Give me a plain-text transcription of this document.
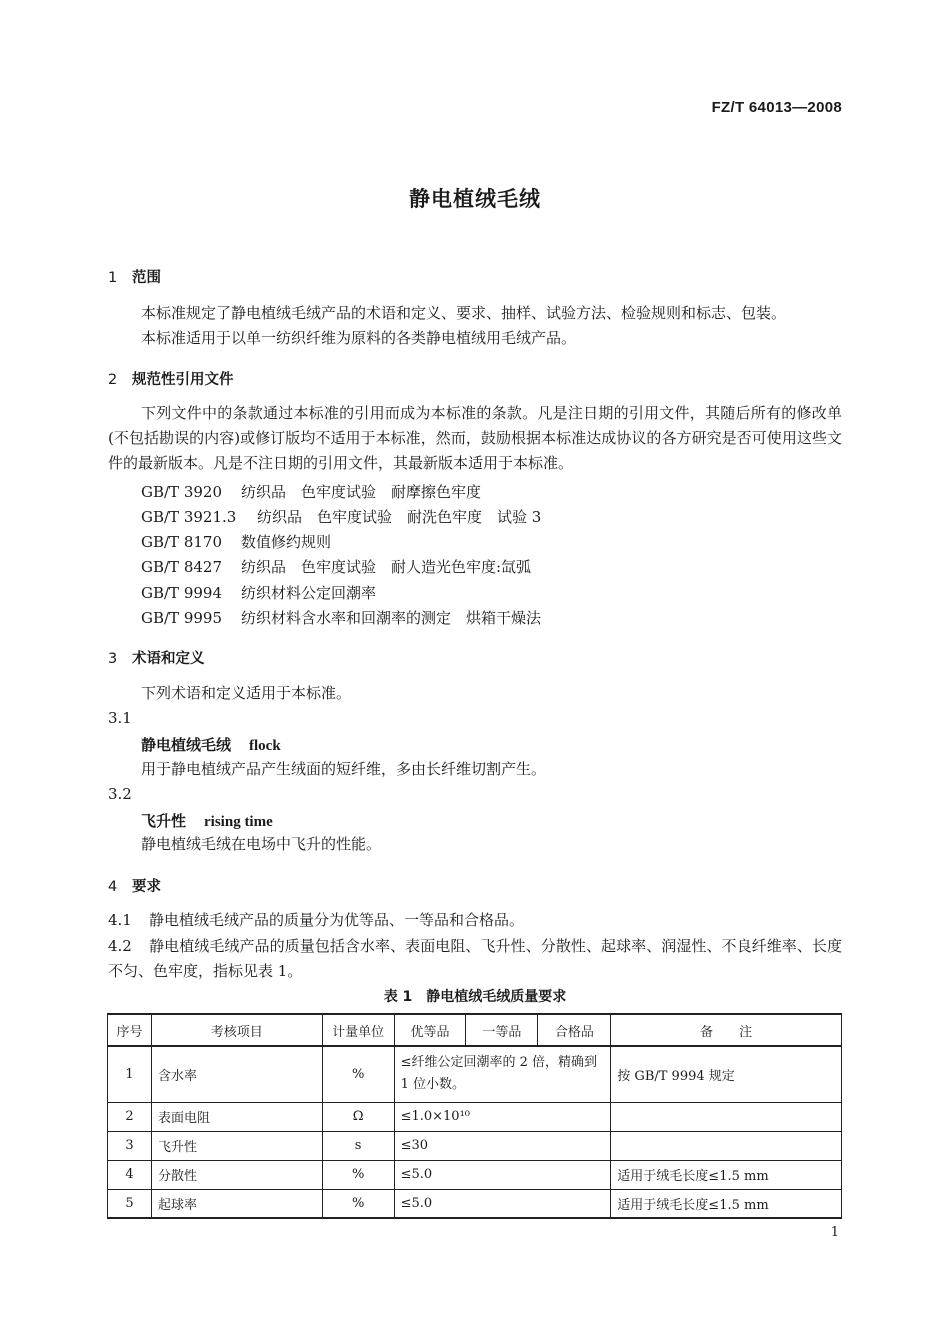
FZ/T 64013—2008
静电植绒毛绒
1 范围
本标准规定了静电植绒毛绒产品的术语和定义、要求、抽样、试验方法、检验规则和标志、包装。
本标准适用于以单一纺织纤维为原料的各类静电植绒用毛绒产品。
2 规范性引用文件
下列文件中的条款通过本标准的引用而成为本标准的条款。凡是注日期的引用文件，其随后所有的修改单(不包括勘误的内容)或修订版均不适用于本标准，然而，鼓励根据本标准达成协议的各方研究是否可使用这些文件的最新版本。凡是不注日期的引用文件，其最新版本适用于本标准。
GB/T 3920 纺织品　色牢度试验　耐摩擦色牢度
GB/T 3921.3 纺织品　色牢度试验　耐洗色牢度　试验 3
GB/T 8170 数值修约规则
GB/T 8427 纺织品　色牢度试验　耐人造光色牢度:氙弧
GB/T 9994 纺织材料公定回潮率
GB/T 9995 纺织材料含水率和回潮率的测定　烘箱干燥法
3 术语和定义
下列术语和定义适用于本标准。
3.1
静电植绒毛绒 flock
用于静电植绒产品产生绒面的短纤维，多由长纤维切割产生。
3.2
飞升性 rising time
静电植绒毛绒在电场中飞升的性能。
4 要求
4.1 静电植绒毛绒产品的质量分为优等品、一等品和合格品。
4.2 静电植绒毛绒产品的质量包括含水率、表面电阻、飞升性、分散性、起球率、润湿性、不良纤维率、长度不匀、色牢度，指标见表 1。
表 1　静电植绒毛绒质量要求
序号	考核项目	计量单位	优等品	一等品	合格品	备　　注
1	含水率	%	≤纤维公定回潮率的 2 倍，精确到 1 位小数。			按 GB/T 9994 规定
2	表面电阻	Ω	≤1.0×10¹⁰			
3	飞升性	s	≤30			
4	分散性	%	≤5.0			适用于绒毛长度≤1.5 mm
5	起球率	%	≤5.0			适用于绒毛长度≤1.5 mm
1
